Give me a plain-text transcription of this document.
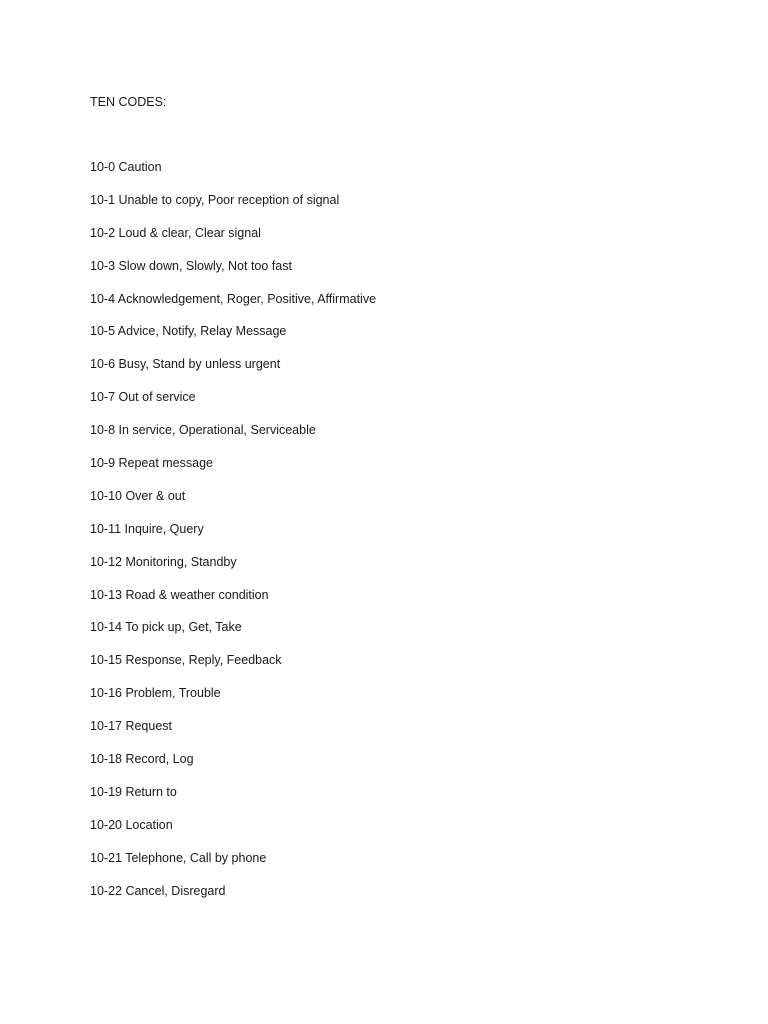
TEN CODES:
10-0 Caution
10-1 Unable to copy, Poor reception of signal
10-2 Loud & clear, Clear signal
10-3 Slow down, Slowly, Not too fast
10-4 Acknowledgement, Roger, Positive, Affirmative
10-5 Advice, Notify, Relay Message
10-6 Busy, Stand by unless urgent
10-7 Out of service
10-8 In service, Operational, Serviceable
10-9 Repeat message
10-10 Over & out
10-11 Inquire, Query
10-12 Monitoring, Standby
10-13 Road & weather condition
10-14 To pick up, Get, Take
10-15 Response, Reply, Feedback
10-16 Problem, Trouble
10-17 Request
10-18 Record, Log
10-19 Return to
10-20 Location
10-21 Telephone, Call by phone
10-22 Cancel, Disregard
